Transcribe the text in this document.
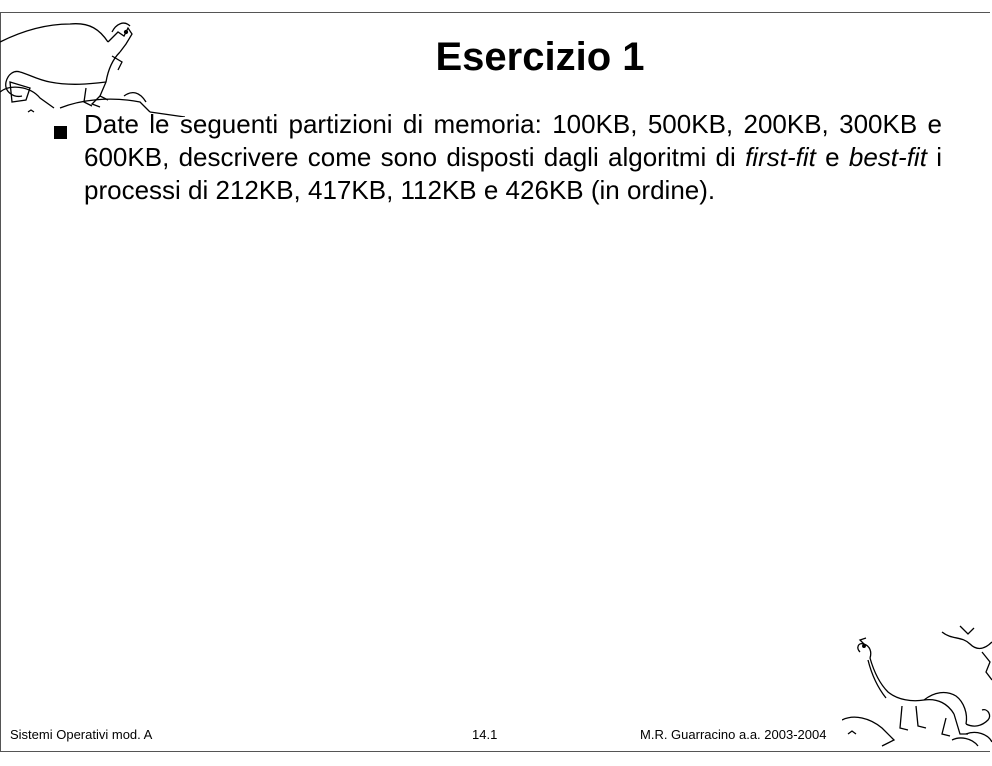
Esercizio 1

Date le seguenti partizioni di memoria: 100KB, 500KB, 200KB, 300KB e 600KB, descrivere come sono disposti dagli algoritmi di first-fit e best-fit i processi di 212KB, 417KB, 112KB e 426KB (in ordine).

Sistemi Operativi mod. A	14.1	M.R. Guarracino a.a. 2003-2004
